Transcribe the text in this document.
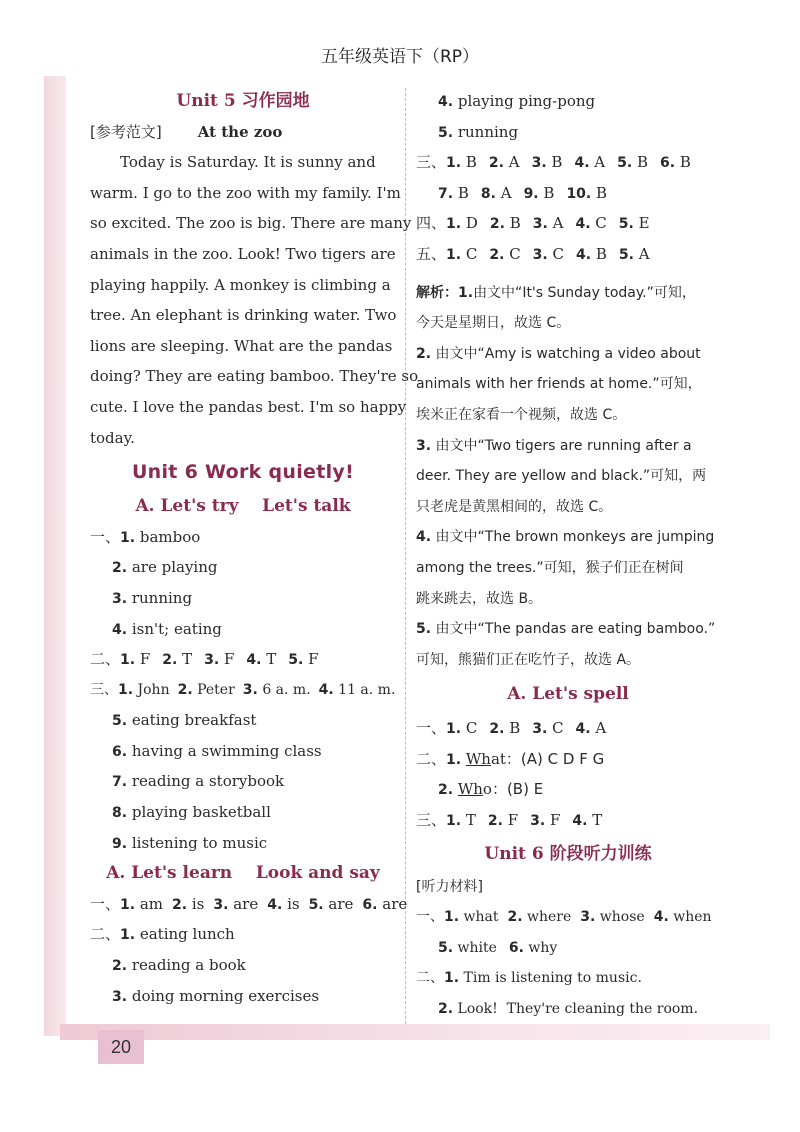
20
五年级英语下（RP）
Unit 5 习作园地
[参考范文] At the zoo
Today is Saturday. It is sunny and
warm. I go to the zoo with my family. I'm
so excited. The zoo is big. There are many
animals in the zoo. Look! Two tigers are
playing happily. A monkey is climbing a
tree. An elephant is drinking water. Two
lions are sleeping. What are the pandas
doing? They are eating bamboo. They're so
cute. I love the pandas best. I'm so happy
today.
Unit 6 Work quietly!
A. Let's try    Let's talk
一、1. bamboo
2. are playing
3. running
4. isn't; eating
二、1. F 2. T 3. F 4. T 5. F
三、1. John 2. Peter 3. 6 a. m. 4. 11 a. m.
5. eating breakfast
6. having a swimming class
7. reading a storybook
8. playing basketball
9. listening to music
A. Let's learn    Look and say
一、1. am 2. is 3. are 4. is 5. are 6. are
二、1. eating lunch
2. reading a book
3. doing morning exercises
4. playing ping-pong
5. running
三、1. B 2. A 3. B 4. A 5. B 6. B
7. B 8. A 9. B 10. B
四、1. D 2. B 3. A 4. C 5. E
五、1. C 2. C 3. C 4. B 5. A
解析：1.由文中“It's Sunday today.”可知，
今天是星期日，故选 C。
2. 由文中“Amy is watching a video about
animals with her friends at home.”可知，
埃米正在家看一个视频，故选 C。
3. 由文中“Two tigers are running after a
deer. They are yellow and black.”可知，两
只老虎是黄黑相间的，故选 C。
4. 由文中“The brown monkeys are jumping
among the trees.”可知，猴子们正在树间
跳来跳去，故选 B。
5. 由文中“The pandas are eating bamboo.”
可知，熊猫们正在吃竹子，故选 A。
A. Let's spell
一、1. C 2. B 3. C 4. A
二、1. What：(A) C D F G
2. Who：(B) E
三、1. T 2. F 3. F 4. T
Unit 6 阶段听力训练
[听力材料]
一、1. what 2. where 3. whose 4. when
5. white 6. why
二、1. Tim is listening to music.
2. Look!  They're cleaning the room.
